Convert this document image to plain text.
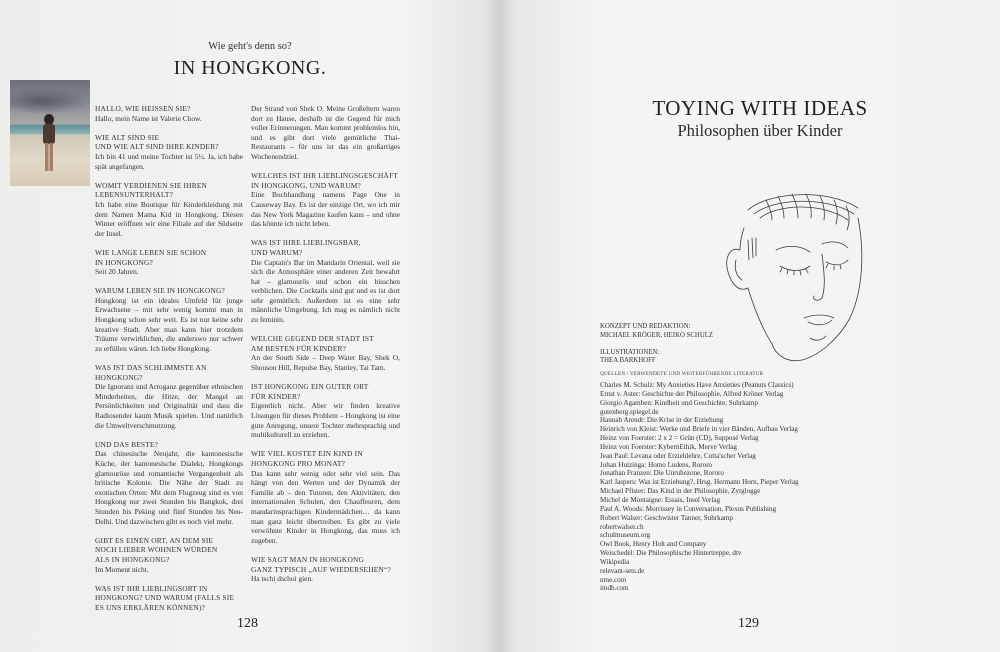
Wie geht's denn so?
IN HONGKONG.
HALLO, WIE HEISSEN SIE?
Hallo, mein Name ist Valerie Chow.
WIE ALT SIND SIE
UND WIE ALT SIND IHRE KINDER?
Ich bin 41 und meine Tochter ist 5½. Ja, ich habe spät angefangen.
WOMIT VERDIENEN SIE IHREN
LEBENSUNTERHALT?
Ich habe eine Boutique für Kinderkleidung mit dem Namen Mama Kid in Hongkong. Diesen Winter eröffnen wir eine Filiale auf der Südseite der Insel.
WIE LANGE LEBEN SIE SCHON
IN HONGKONG?
Seit 20 Jahren.
WARUM LEBEN SIE IN HONGKONG?
Hongkong ist ein ideales Umfeld für junge Erwachsene – mit sehr wenig kommt man in Hongkong schon sehr weit. Es ist nur keine sehr kreative Stadt. Aber man kann hier trotzdem Träume verwirklichen, die anderswo nur schwer zu erfüllen wären. Ich liebe Hongkong.
WAS IST DAS SCHLIMMSTE AN
HONGKONG?
Die Ignoranz und Arroganz gegenüber ethnischen Minderheiten, die Hitze, der Mangel an Persönlichkeiten und Originalität und dass die Radiosender kaum Musik spielen. Und natürlich die Umweltverschmutzung.
UND DAS BESTE?
Das chinesische Neujahr, die kantonesische Küche, der kantonesische Dialekt, Hongkongs glamouröse und romantische Vergangenheit als britische Kolonie. Die Nähe der Stadt zu exotischen Orten: Mit dem Flugzeug sind es von Hongkong nur zwei Stunden bis Bangkok, drei Stunden bis Peking und fünf Stunden bis Neu-Delhi. Und dazwischen gibt es noch viel mehr.
GIBT ES EINEN ORT, AN DEM SIE
NOCH LIEBER WOHNEN WÜRDEN
ALS IN HONGKONG?
Im Moment nicht.
WAS IST IHR LIEBLINGSORT IN HONGKONG? UND WARUM (FALLS SIE ES UNS ERKLÄREN KÖNNEN)?
Der Strand von Shek O. Meine Großeltern waren dort zu Hause, deshalb ist die Gegend für mich voller Erinnerungen. Man kommt problemlos hin, und es gibt dort viele gemütliche Thai-Restaurants – für uns ist das ein großartiges Wochenendziel.
WELCHES IST IHR LIEBLINGSGESCHÄFT IN HONGKONG, UND WARUM?
Eine Buchhandlung namens Page One in Causeway Bay. Es ist der einzige Ort, wo ich mir das New York Magazine kaufen kann – und ohne das könnte ich nicht leben.
WAS IST IHRE LIEBLINGSBAR,
UND WARUM?
Die Captain's Bar im Mandarin Oriental, weil sie sich die Atmosphäre einer anderen Zeit bewahrt hat – glamourös und schon ein bisschen verblichen. Die Cocktails sind gut und es ist dort sehr gemütlich. Außerdem ist es eine sehr männliche Umgebung. Ich mag es nämlich nicht zu feminin.
WELCHE GEGEND DER STADT IST
AM BESTEN FÜR KINDER?
An der South Side – Deep Water Bay, Shek O, Shouson Hill, Repulse Bay, Stanley, Tai Tam.
IST HONGKONG EIN GUTER ORT
FÜR KINDER?
Eigentlich nicht. Aber wir finden kreative Lösungen für dieses Problem – Hongkong ist eine gute Anregung, unsere Tochter mehrsprachig und multikulturell zu erziehen.
WIE VIEL KOSTET EIN KIND IN
HONGKONG PRO MONAT?
Das kann sehr wenig oder sehr viel sein. Das hängt von den Werten und der Dynamik der Familie ab – den Tutoren, den Aktivitäten, den internationalen Schulen, den Chauffeuren, dem mandarinsprachigen Kindermädchen… da kann man ganz leicht übertreiben. Es gibt zu viele verwöhnte Kinder in Hongkong, das muss ich zugeben.
WIE SAGT MAN IN HONGKONG
GANZ TYPISCH „AUF WIEDERSEHEN“?
Ha tschi dschoi gien.
128
TOYING WITH IDEAS
Philosophen über Kinder
KONZEPT UND REDAKTION:
MICHAEL KRÖGER, HEIKO SCHULZ
ILLUSTRATIONEN:
THEA BARKHOFF
QUELLEN / VERWENDETE UND WEITERFÜHRENDE LITERATUR
Charles M. Schulz: My Anxieties Have Anxieties (Peanuts Classics)
Ernst v. Aster: Geschichte der Philosophie, Alfred Kröner Verlag
Giorgio Agamben: Kindheit und Geschichte, Suhrkamp
gutenberg.spiegel.de
Hannah Arendt: Die Krise in der Erziehung
Heinrich von Kleist: Werke und Briefe in vier Bänden, Aufbau Verlag
Heinz von Foerster: 2 x 2 = Grün (CD), Supposé Verlag
Heinz von Foerster: KybernEthik, Merve Verlag
Jean Paul: Levana oder Erziehlehre, Cotta'scher Verlag
Johan Huizinga: Homo Ludens, Rororo
Jonathan Franzen: Die Unruhezone, Rororo
Karl Jaspers: Was ist Erziehung?, Hrsg. Hermann Horn, Pieper Verlag
Michael Pfister: Das Kind in der Philosophie, Zytglogge
Michel de Montaigne: Essais, Insel Verlag
Paul A. Woods: Morrissey in Conversation, Plexus Publishing
Robert Walser: Geschwister Tanner, Suhrkamp
robertwalser.ch
schulmuseum.org
Owl Book, Henry Holt and Company
Weischedel: Die Philosophische Hintertreppe, dtv
Wikipedia
relevant-sets.de
nme.com
imdb.com
129
